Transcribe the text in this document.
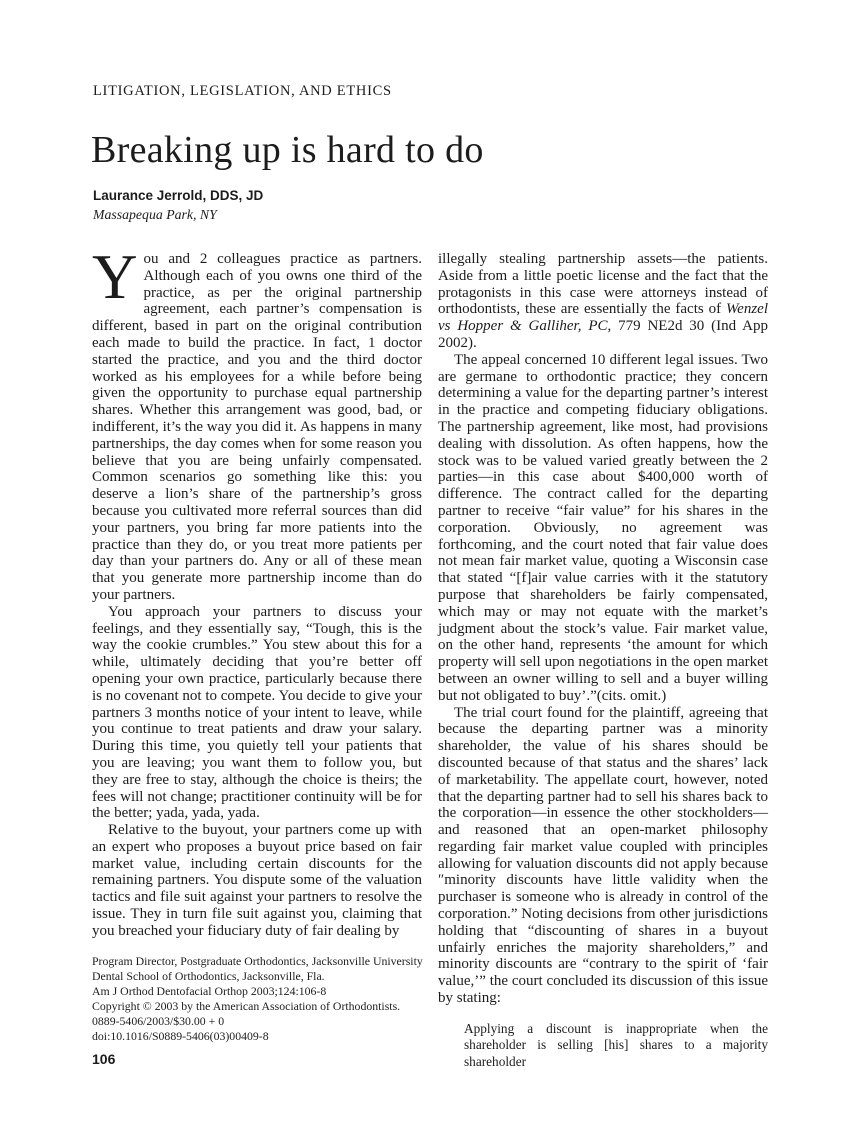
LITIGATION, LEGISLATION, AND ETHICS
Breaking up is hard to do
Laurance Jerrold, DDS, JD
Massapequa Park, NY

You and 2 colleagues practice as partners. Although each of you owns one third of the practice, as per the original partnership agreement, each partner’s compensation is different, based in part on the original contribution each made to build the practice. In fact, 1 doctor started the practice, and you and the third doctor worked as his employees for a while before being given the opportunity to purchase equal partnership shares. Whether this arrangement was good, bad, or indifferent, it’s the way you did it. As happens in many partnerships, the day comes when for some reason you believe that you are being unfairly compensated. Common scenarios go something like this: you deserve a lion’s share of the partnership’s gross because you cultivated more referral sources than did your partners, you bring far more patients into the practice than they do, or you treat more patients per day than your partners do. Any or all of these mean that you generate more partnership income than do your partners.

You approach your partners to discuss your feelings, and they essentially say, “Tough, this is the way the cookie crumbles.” You stew about this for a while, ultimately deciding that you’re better off opening your own practice, particularly because there is no covenant not to compete. You decide to give your partners 3 months notice of your intent to leave, while you continue to treat patients and draw your salary. During this time, you quietly tell your patients that you are leaving; you want them to follow you, but they are free to stay, although the choice is theirs; the fees will not change; practitioner continuity will be for the better; yada, yada, yada.

Relative to the buyout, your partners come up with an expert who proposes a buyout price based on fair market value, including certain discounts for the remaining partners. You dispute some of the valuation tactics and file suit against your partners to resolve the issue. They in turn file suit against you, claiming that you breached your fiduciary duty of fair dealing by

illegally stealing partnership assets—the patients. Aside from a little poetic license and the fact that the protagonists in this case were attorneys instead of orthodontists, these are essentially the facts of Wenzel vs Hopper & Galliher, PC, 779 NE2d 30 (Ind App 2002).

The appeal concerned 10 different legal issues. Two are germane to orthodontic practice; they concern determining a value for the departing partner’s interest in the practice and competing fiduciary obligations. The partnership agreement, like most, had provisions dealing with dissolution. As often happens, how the stock was to be valued varied greatly between the 2 parties—in this case about $400,000 worth of difference. The contract called for the departing partner to receive “fair value” for his shares in the corporation. Obviously, no agreement was forthcoming, and the court noted that fair value does not mean fair market value, quoting a Wisconsin case that stated “[f]air value carries with it the statutory purpose that shareholders be fairly compensated, which may or may not equate with the market’s judgment about the stock’s value. Fair market value, on the other hand, represents ‘the amount for which property will sell upon negotiations in the open market between an owner willing to sell and a buyer willing but not obligated to buy’.”(cits. omit.)

The trial court found for the plaintiff, agreeing that because the departing partner was a minority shareholder, the value of his shares should be discounted because of that status and the shares’ lack of marketability. The appellate court, however, noted that the departing partner had to sell his shares back to the corporation—in essence the other stockholders—and reasoned that an open-market philosophy regarding fair market value coupled with principles allowing for valuation discounts did not apply because ″minority discounts have little validity when the purchaser is someone who is already in control of the corporation.” Noting decisions from other jurisdictions holding that “discounting of shares in a buyout unfairly enriches the majority shareholders,” and minority discounts are “contrary to the spirit of ‘fair value,’” the court concluded its discussion of this issue by stating:

Applying a discount is inappropriate when the shareholder is selling [his] shares to a majority shareholder
Program Director, Postgraduate Orthodontics, Jacksonville University Dental School of Orthodontics, Jacksonville, Fla.
Am J Orthod Dentofacial Orthop 2003;124:106-8
Copyright © 2003 by the American Association of Orthodontists.
0889-5406/2003/$30.00 + 0
doi:10.1016/S0889-5406(03)00409-8
106
